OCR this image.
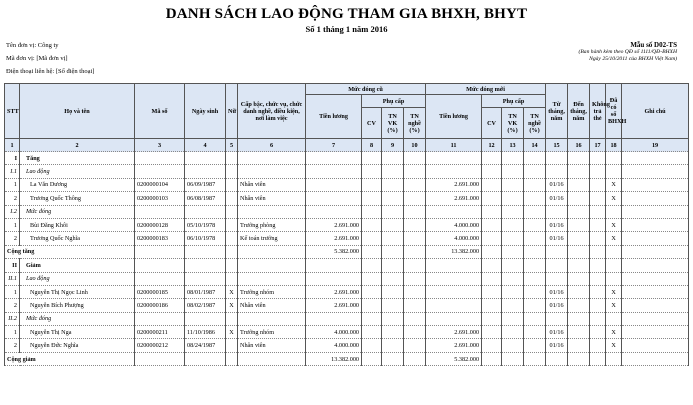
DANH SÁCH LAO ĐỘNG THAM GIA BHXH, BHYT
Số 1 tháng 1 năm 2016
Tên đơn vị: Công ty
Mã đơn vị: [Mã đơn vị]
Điện thoại liên hệ: [Số điện thoại]
Mẫu số D02-TS
(Ban hành kèm theo QĐ số 1111/QĐ-BHXH
Ngày 25/10/2011 của BHXH Việt Nam)
STT	Họ và tên	Mã số	Ngày sinh	Nữ	Cấp bậc, chức vụ, chức danh nghề, điều kiện, nơi làm việc	Mức đóng cũ				Mức đóng mới				Từ tháng, năm	Đến tháng, năm	Không trả thẻ	Đã có sổ BHXH	Ghi chú
						Tiền lương	Phụ cấp			Tiền lương	Phụ cấp							
							CV	TN VK (%)	TN nghề (%)		CV	TN VK (%)	TN nghề (%)					
1	2	3	4	5	6	7	8	9	10	11	12	13	14	15	16	17	18	19
I	Tăng																	
I.1	Lao động																	
1	La Văn Dương	0200000104	06/09/1987		Nhân viên					2.691.000				01/16			X	
2	Trương Quốc Thông	0200000103	06/08/1987		Nhân viên					2.691.000				01/16			X	
I.2	Mức đóng																	
1	Bùi Đăng Khôi	0200000128	05/10/1978		Trưởng phòng	2.691.000				4.000.000				01/16			X	
2	Trương Quốc Nghĩa	0200000183	06/10/1978		Kế toán trưởng	2.691.000				4.000.000				01/16			X	
Cộng tăng						5.382.000				13.382.000								
II	Giảm																	
II.1	Lao động																	
1	Nguyễn Thị Ngọc Linh	0200000185	08/01/1987	X	Trưởng nhóm	2.691.000								01/16			X	
2	Nguyễn Bích Phượng	0200000186	08/02/1987	X	Nhân viên	2.691.000								01/16			X	
II.2	Mức đóng																	
1	Nguyễn Thị Nga	0200000211	11/10/1986	X	Trưởng nhóm	4.000.000				2.691.000				01/16			X	
2	Nguyễn Đức Nghĩa	0200000212	08/24/1987		Nhân viên	4.000.000				2.691.000				01/16			X	
Cộng giảm						13.382.000				5.382.000								
